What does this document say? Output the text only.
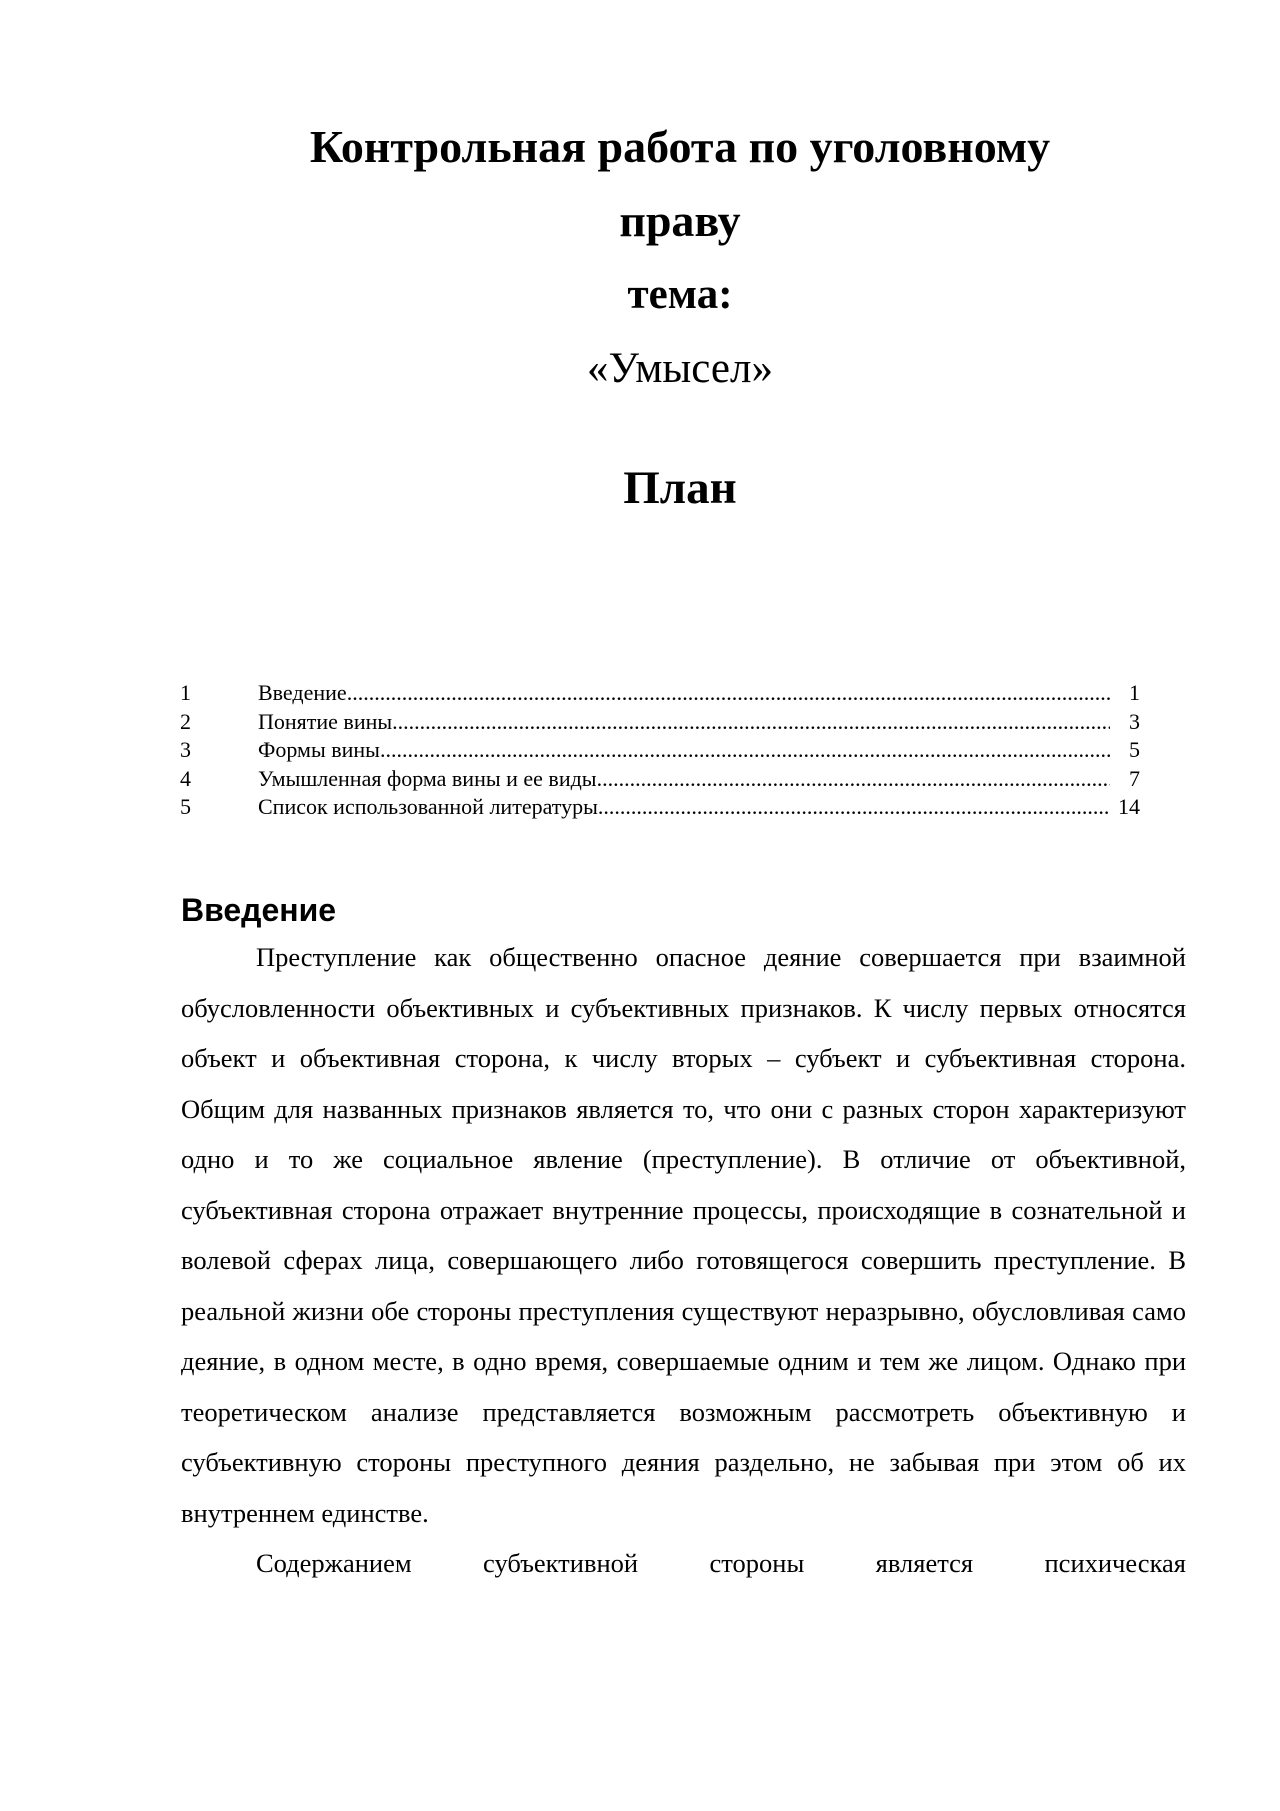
Контрольная работа по уголовному

праву

тема:

«Умысел»

План

1	Введение .....	1
2	Понятие вины .....	3
3	Формы вины .....	5
4	Умышленная форма вины и ее виды .....	7
5	Список использованной литературы .....	14
Введение

Преступление как общественно опасное деяние совершается при взаимной обусловленности объективных и субъективных признаков. К числу первых относятся объект и объективная сторона, к числу вторых – субъект и субъективная сторона. Общим для названных признаков является то, что они с разных сторон характеризуют одно и то же социальное явление (преступление). В отличие от объективной, субъективная сторона отражает внутренние процессы, происходящие в сознательной и волевой сферах лица, совершающего либо готовящегося совершить преступление. В реальной жизни обе стороны преступления существуют неразрывно, обусловливая само деяние, в одном месте, в одно время, совершаемые одним и тем же лицом. Однако при теоретическом анализе представляется возможным рассмотреть объективную и субъективную стороны преступного деяния раздельно, не забывая при этом об их внутреннем единстве.

Содержанием субъективной стороны является психическая
